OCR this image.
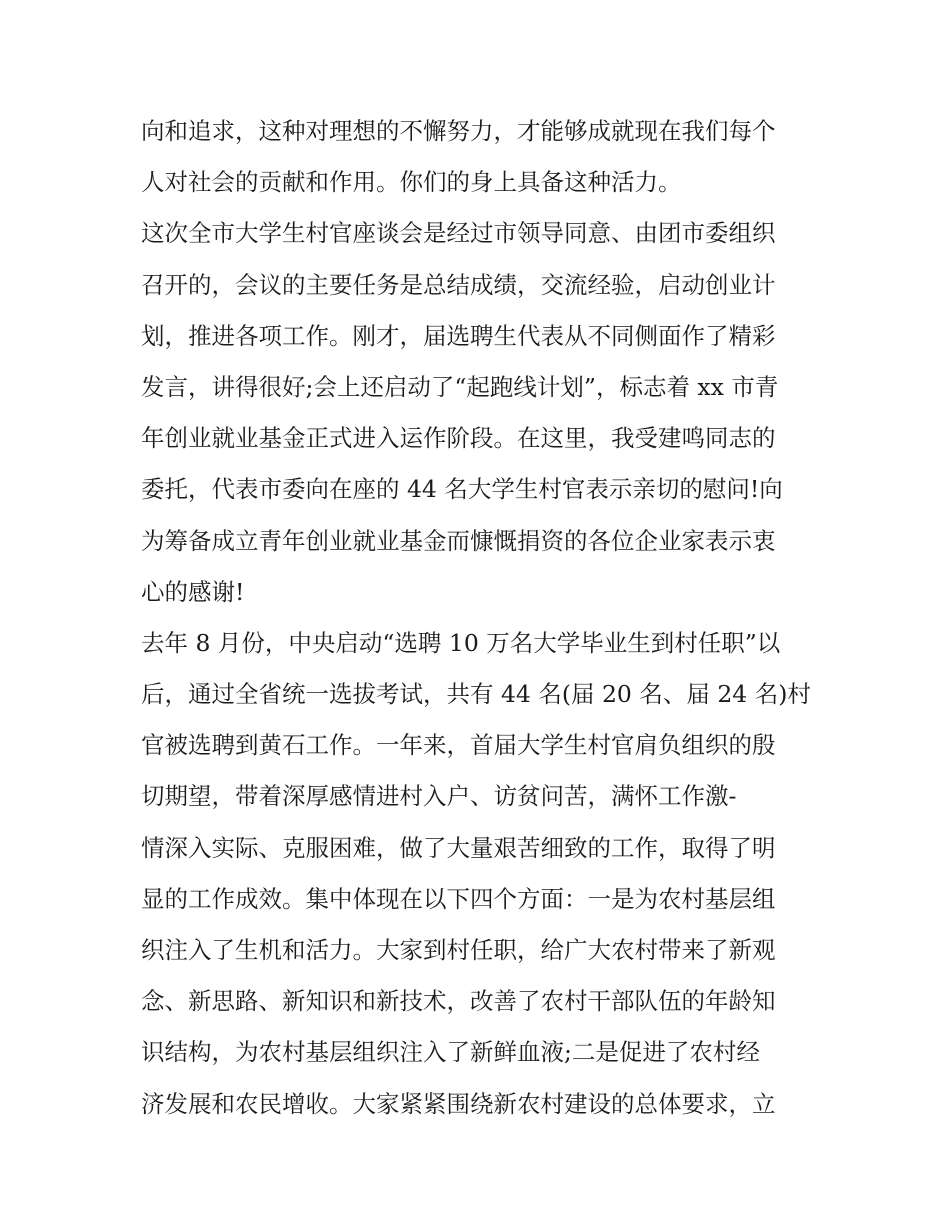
向和追求，这种对理想的不懈努力，才能够成就现在我们每个
人对社会的贡献和作用。你们的身上具备这种活力。
这次全市大学生村官座谈会是经过市领导同意、由团市委组织
召开的，会议的主要任务是总结成绩，交流经验，启动创业计
划，推进各项工作。刚才，届选聘生代表从不同侧面作了精彩
发言，讲得很好;会上还启动了“起跑线计划”，标志着 xx 市青
年创业就业基金正式进入运作阶段。在这里，我受建鸣同志的
委托，代表市委向在座的 44 名大学生村官表示亲切的慰问!向
为筹备成立青年创业就业基金而慷慨捐资的各位企业家表示衷
心的感谢!
去年 8 月份，中央启动“选聘 10 万名大学毕业生到村任职”以
后，通过全省统一选拔考试，共有 44 名(届 20 名、届 24 名)村
官被选聘到黄石工作。一年来，首届大学生村官肩负组织的殷
切期望，带着深厚感情进村入户、访贫问苦，满怀工作激-
情深入实际、克服困难，做了大量艰苦细致的工作，取得了明
显的工作成效。集中体现在以下四个方面：一是为农村基层组
织注入了生机和活力。大家到村任职，给广大农村带来了新观
念、新思路、新知识和新技术，改善了农村干部队伍的年龄知
识结构，为农村基层组织注入了新鲜血液;二是促进了农村经
济发展和农民增收。大家紧紧围绕新农村建设的总体要求，立
